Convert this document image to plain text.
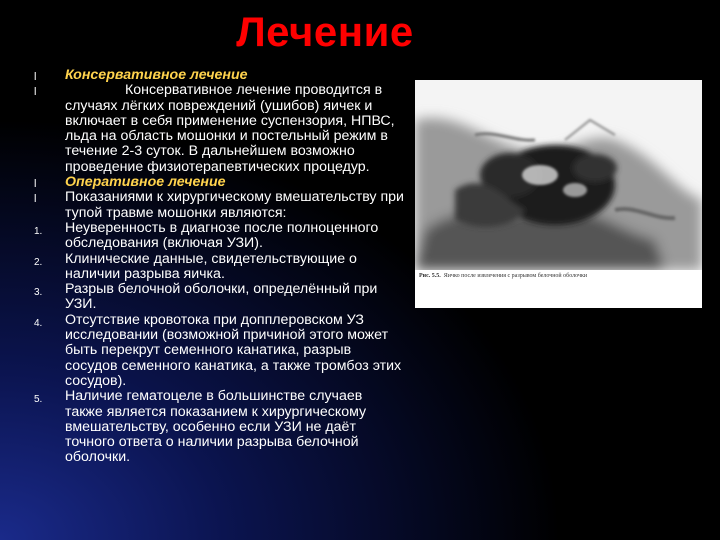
Лечение
l Консервативное лечение
l	Консервативное лечение проводится в случаях лёгких повреждений (ушибов) яичек и включает в себя применение суспензория, НПВС, льда на область мошонки и постельный режим в течение 2-3 суток. В дальнейшем возможно проведение физиотерапевтических процедур.
l Оперативное лечение
l Показаниями к хирургическому вмешательству при тупой травме мошонки являются:
1. Неуверенность в диагнозе после полноценного обследования (включая УЗИ).
2. Клинические данные, свидетельствующие о наличии разрыва яичка.
3. Разрыв белочной оболочки, определённый при УЗИ.
4. Отсутствие кровотока при допплеровском УЗ исследовании (возможной причиной этого может быть перекрут семенного канатика, разрыв сосудов семенного канатика, а также тромбоз этих сосудов).
5. Наличие гематоцеле в большинстве случаев также является показанием к хирургическому вмешательству, особенно если УЗИ не даёт точного ответа о наличии разрыва белочной оболочки.
Рис. 5.5. Яичко после извлечения с разрывом белочной оболочки
